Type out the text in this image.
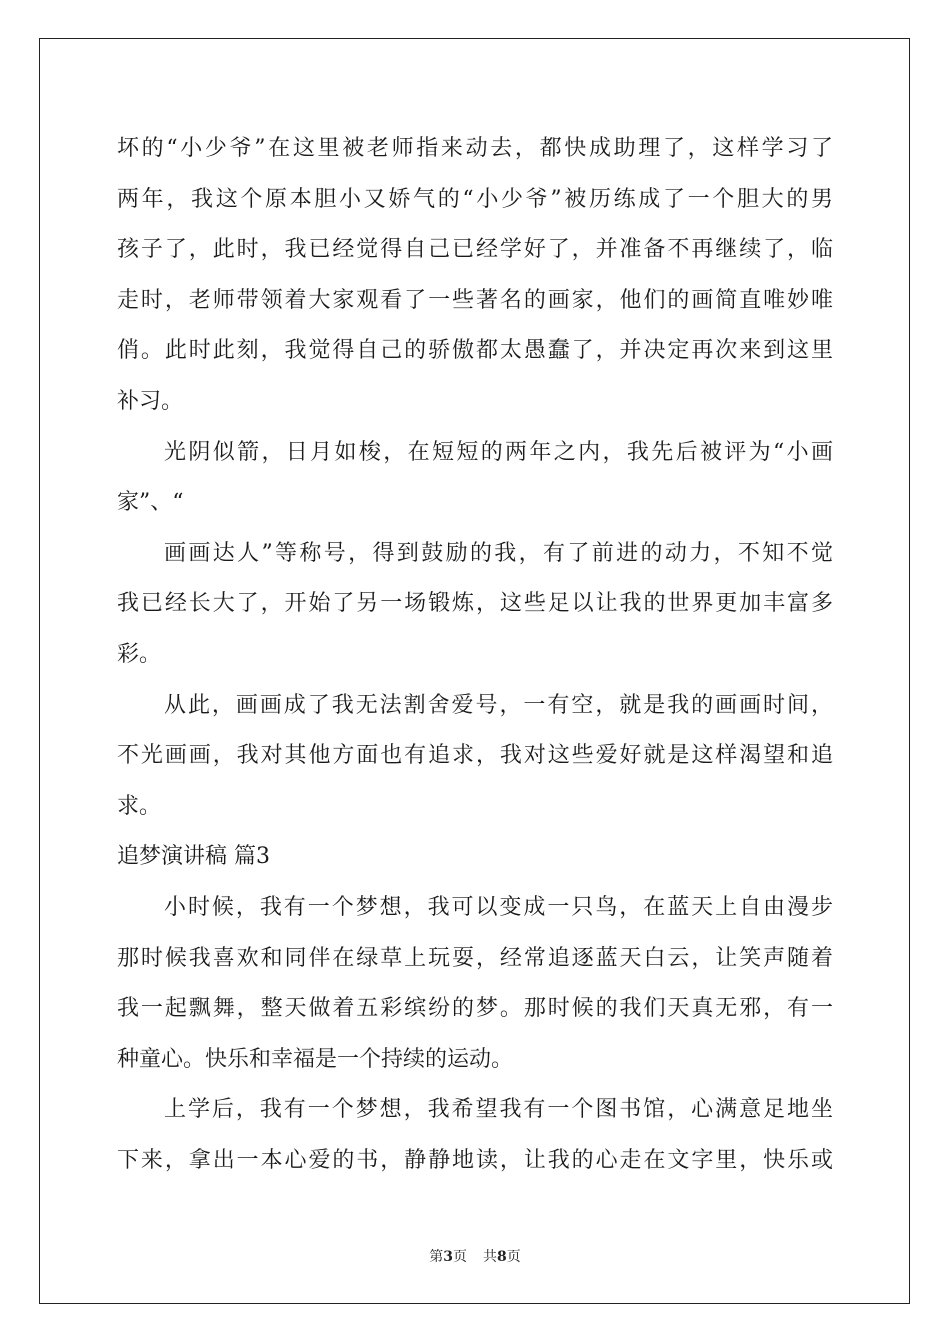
坏的“小少爷”在这里被老师指来动去，都快成助理了，这样学习了
两年，我这个原本胆小又娇气的“小少爷”被历练成了一个胆大的男
孩子了，此时，我已经觉得自己已经学好了，并准备不再继续了，临
走时，老师带领着大家观看了一些著名的画家，他们的画简直唯妙唯
俏。此时此刻，我觉得自己的骄傲都太愚蠢了，并决定再次来到这里
补习。
光阴似箭，日月如梭，在短短的两年之内，我先后被评为“小画
家”、“
画画达人”等称号，得到鼓励的我，有了前进的动力，不知不觉
我已经长大了，开始了另一场锻炼，这些足以让我的世界更加丰富多
彩。
从此，画画成了我无法割舍爱号，一有空，就是我的画画时间，
不光画画，我对其他方面也有追求，我对这些爱好就是这样渴望和追
求。
追梦演讲稿 篇3
小时候，我有一个梦想，我可以变成一只鸟，在蓝天上自由漫步
那时候我喜欢和同伴在绿草上玩耍，经常追逐蓝天白云，让笑声随着
我一起飘舞，整天做着五彩缤纷的梦。那时候的我们天真无邪，有一
种童心。快乐和幸福是一个持续的运动。
上学后，我有一个梦想，我希望我有一个图书馆，心满意足地坐
下来，拿出一本心爱的书，静静地读，让我的心走在文字里，快乐或
第3页 共8页
